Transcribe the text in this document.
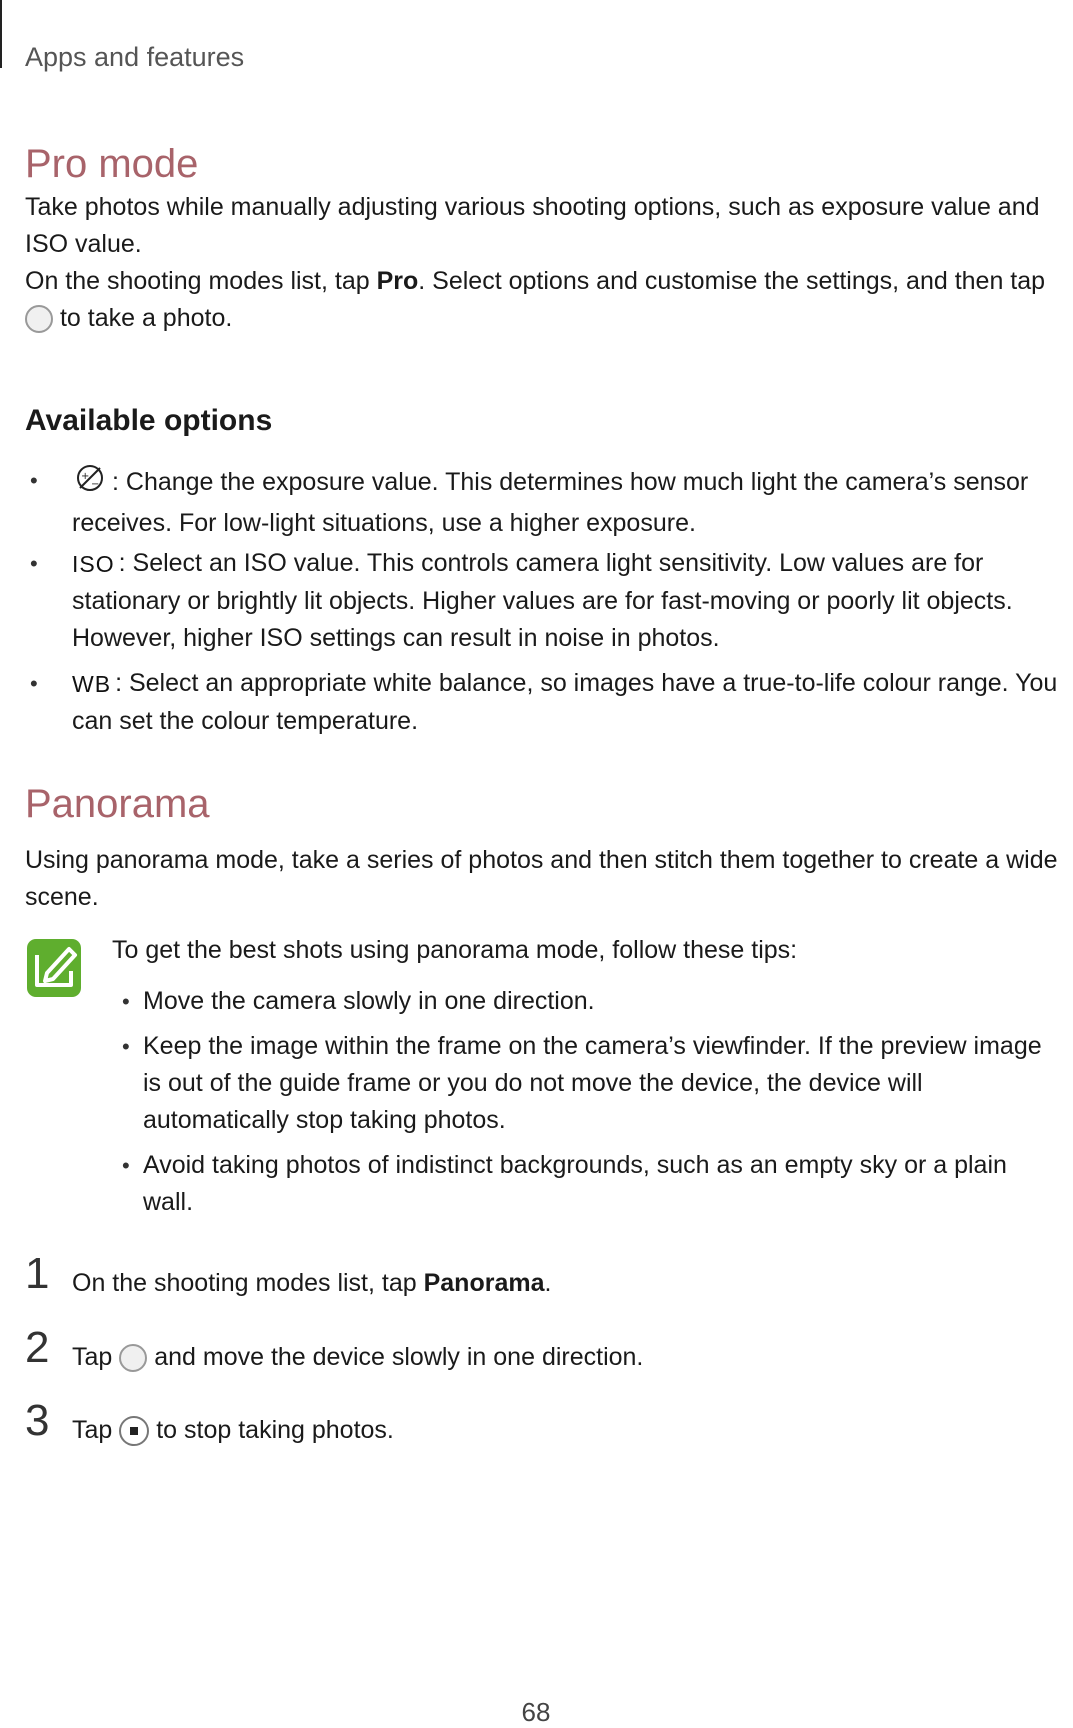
Apps and features
Pro mode
Take photos while manually adjusting various shooting options, such as exposure value and ISO value.
On the shooting modes list, tap Pro. Select options and customise the settings, and then tap
to take a photo.
Available options
•	+
− : Change the exposure value. This determines how much light the camera’s sensor receives. For low-light situations, use a higher exposure.
• ISO : Select an ISO value. This controls camera light sensitivity. Low values are for stationary or brightly lit objects. Higher values are for fast-moving or poorly lit objects. However, higher ISO settings can result in noise in photos.
• WB : Select an appropriate white balance, so images have a true-to-life colour range. You can set the colour temperature.
Panorama
Using panorama mode, take a series of photos and then stitch them together to create a wide scene.
To get the best shots using panorama mode, follow these tips:
• Move the camera slowly in one direction.
• Keep the image within the frame on the camera’s viewfinder. If the preview image is out of the guide frame or you do not move the device, the device will automatically stop taking photos.
• Avoid taking photos of indistinct backgrounds, such as an empty sky or a plain wall.
1 On the shooting modes list, tap Panorama.
2 Tap and move the device slowly in one direction.
3 Tap to stop taking photos.
68
